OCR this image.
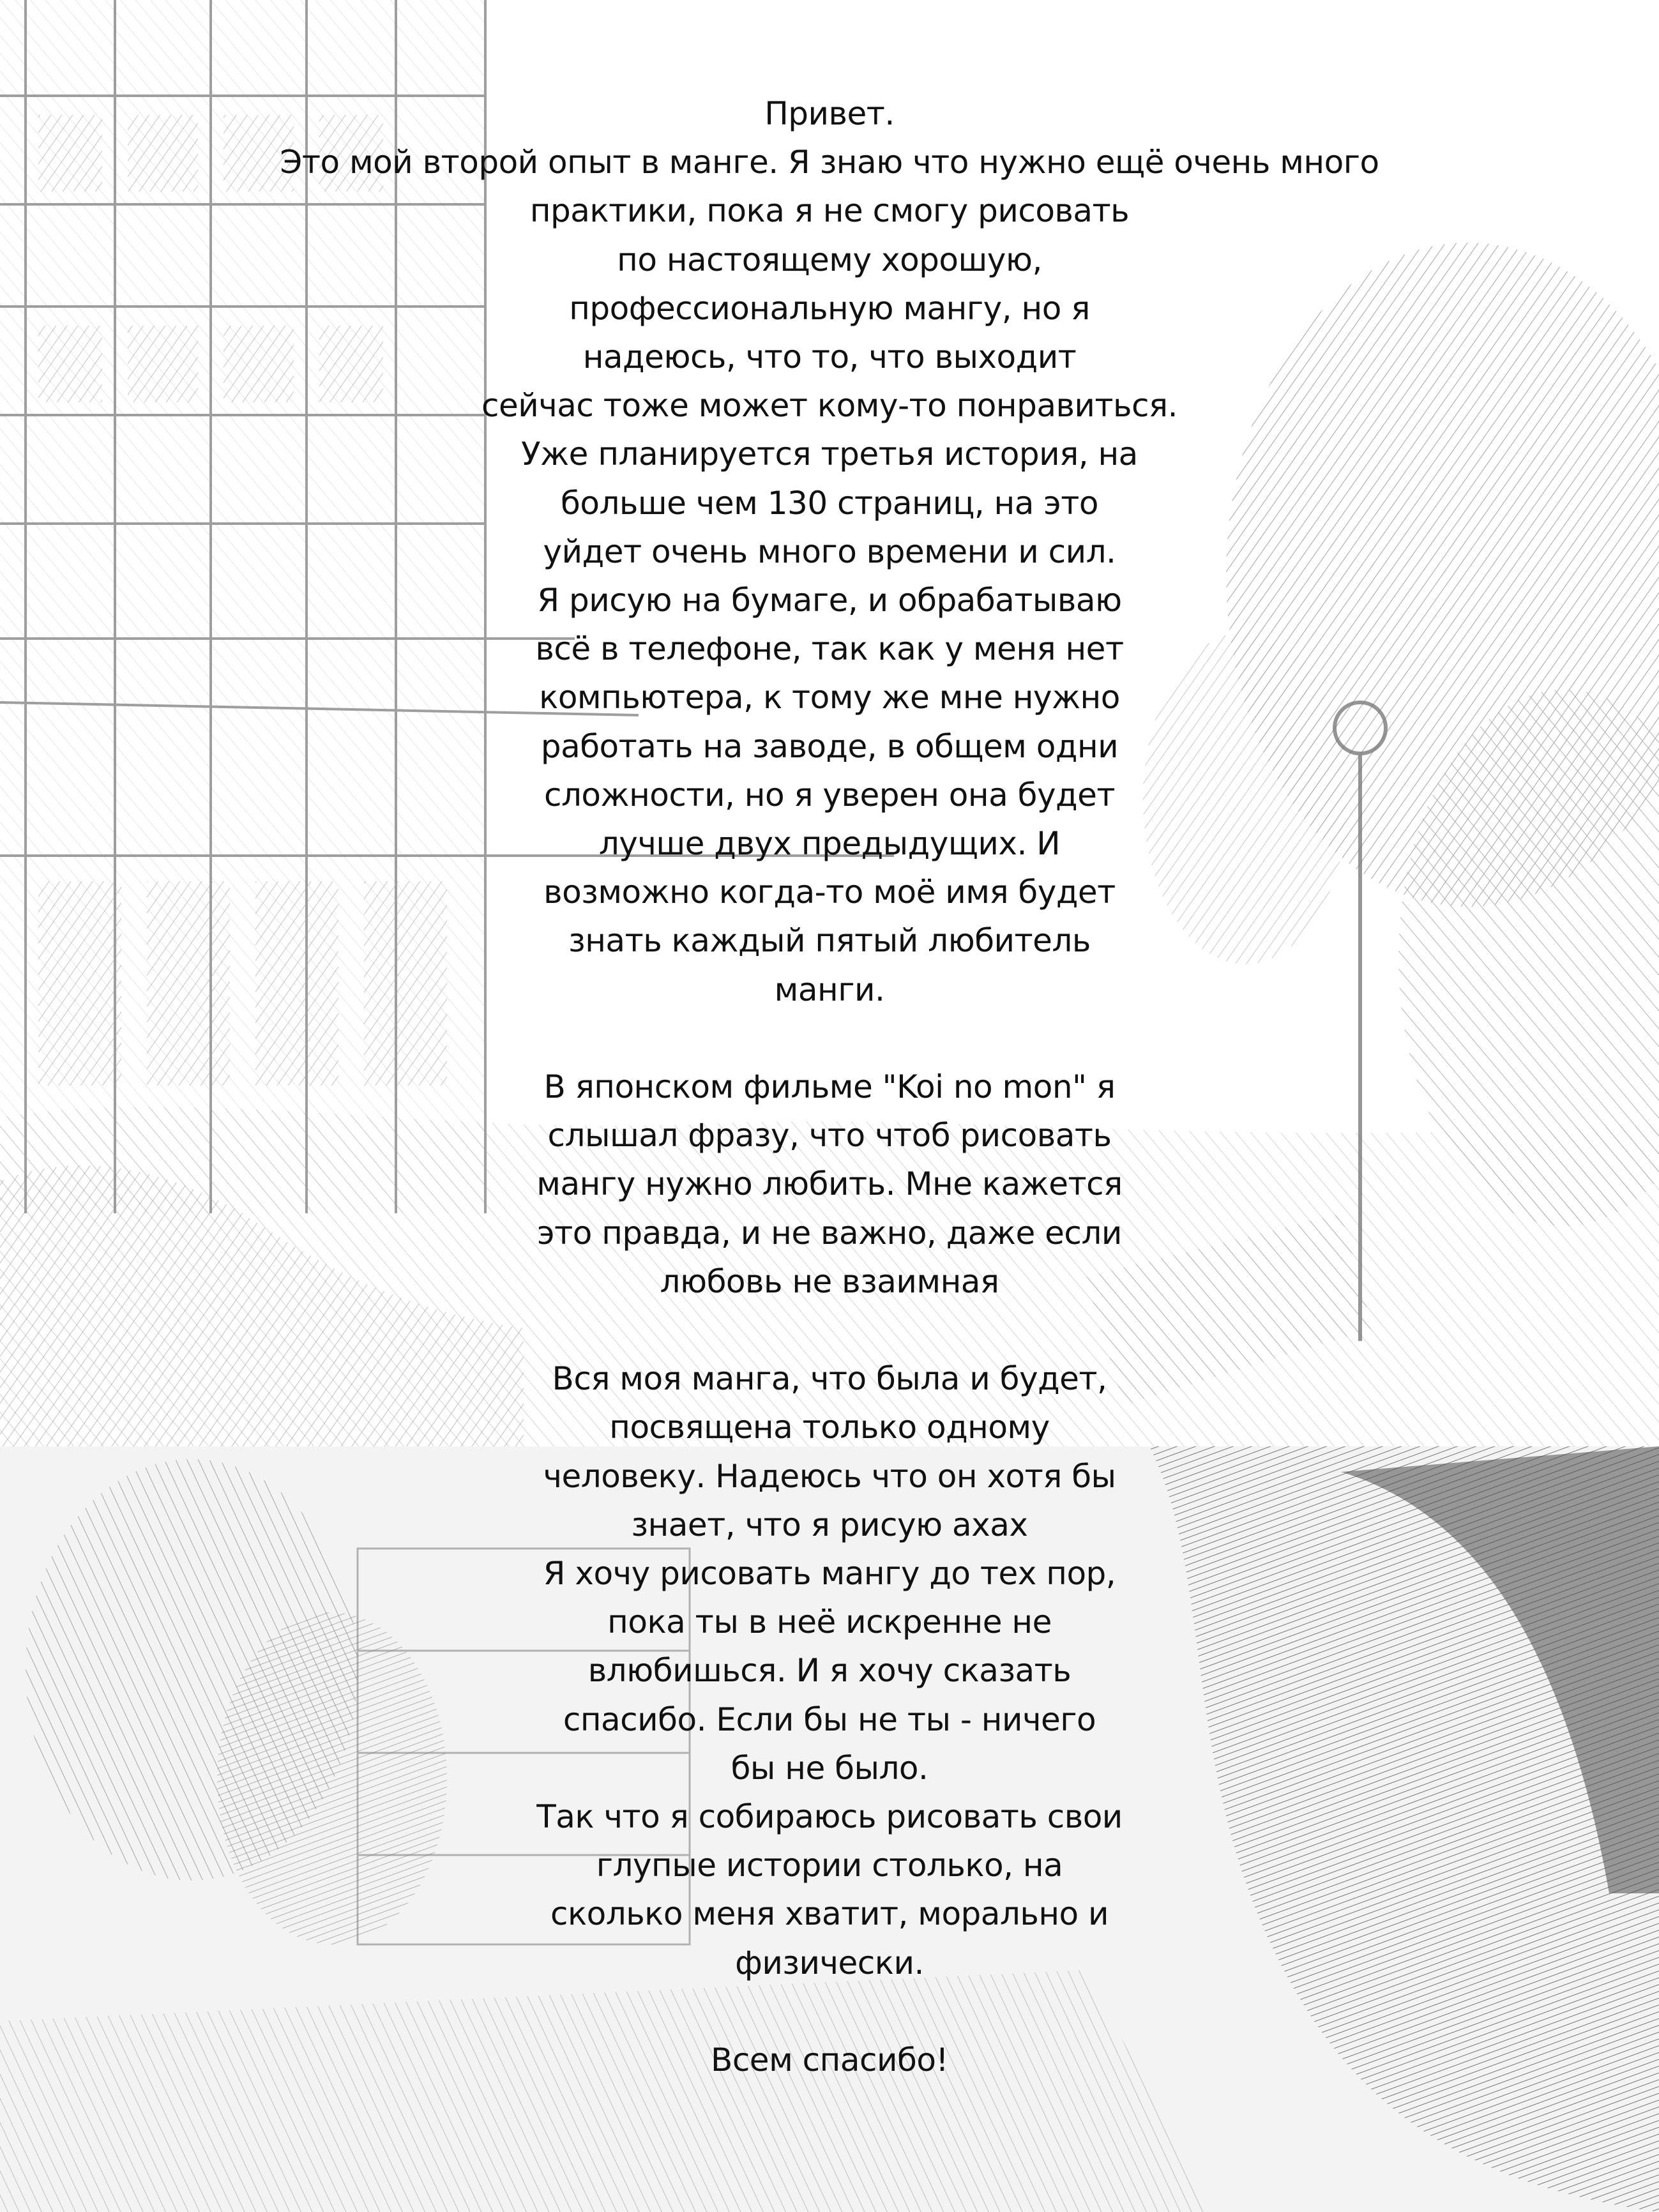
Привет.
Это мой второй опыт в манге. Я знаю что нужно ещё очень много
практики, пока я не смогу рисовать
по настоящему хорошую,
профессиональную мангу, но я
надеюсь, что то, что выходит
сейчас тоже может кому-то понравиться.
Уже планируется третья история, на
больше чем 130 страниц, на это
уйдет очень много времени и сил.
Я рисую на бумаге, и обрабатываю
всё в телефоне, так как у меня нет
компьютера, к тому же мне нужно
работать на заводе, в общем одни
сложности, но я уверен она будет
лучше двух предыдущих. И
возможно когда-то моё имя будет
знать каждый пятый любитель
манги.

В японском фильме "Koi no mon" я
слышал фразу, что чтоб рисовать
мангу нужно любить. Мне кажется
это правда, и не важно, даже если
любовь не взаимная

Вся моя манга, что была и будет,
посвящена только одному
человеку. Надеюсь что он хотя бы
знает, что я рисую ахах
Я хочу рисовать мангу до тех пор,
пока ты в неё искренне не
влюбишься. И я хочу сказать
спасибо. Если бы не ты - ничего
бы не было.
Так что я собираюсь рисовать свои
глупые истории столько, на
сколько меня хватит, морально и
физически.

Всем спасибо!
